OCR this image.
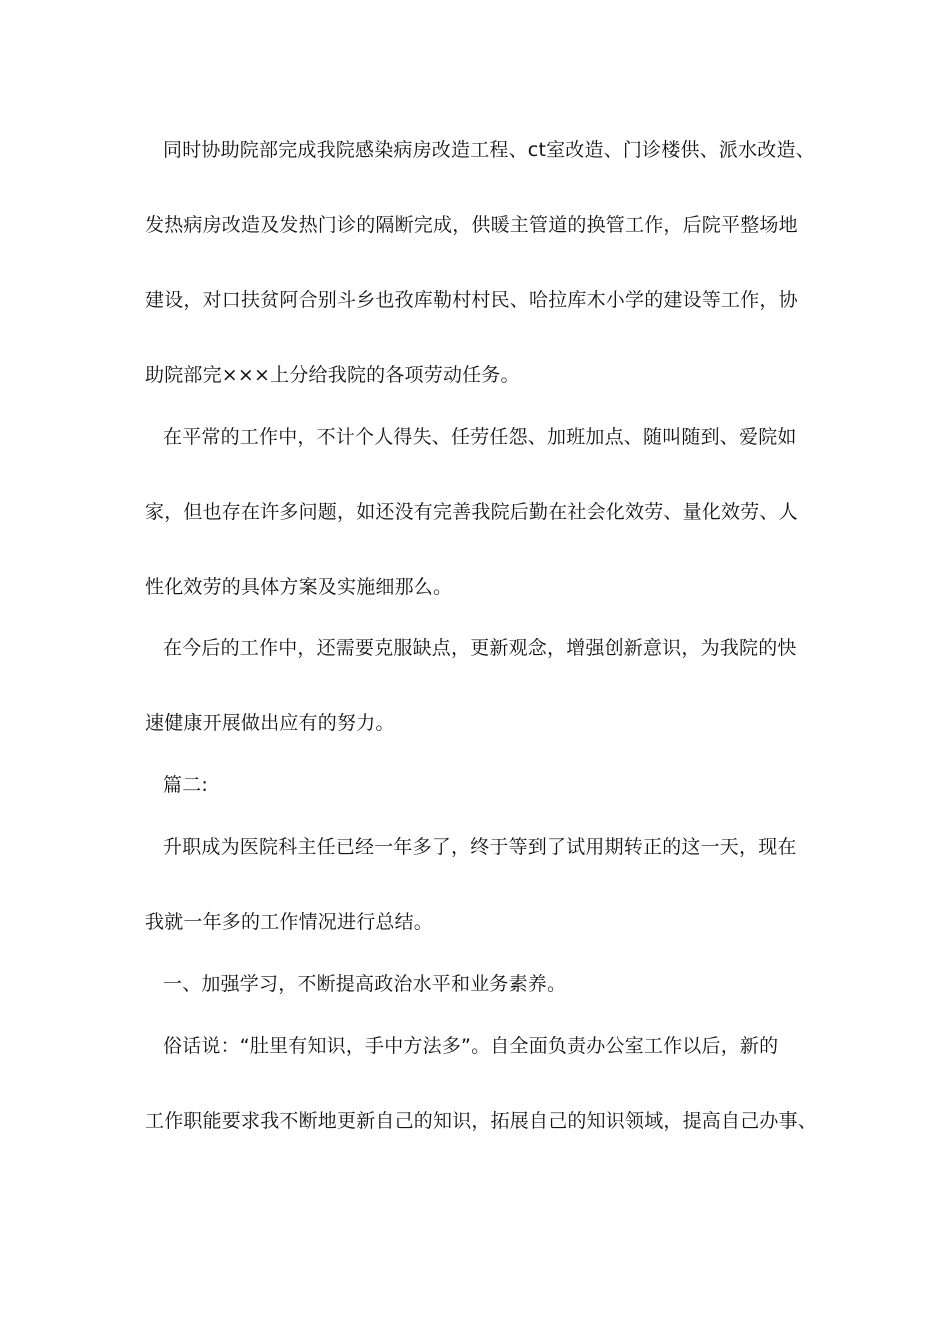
同时协助院部完成我院感染病房改造工程、ct室改造、门诊楼供、派水改造、
发热病房改造及发热门诊的隔断完成，供暖主管道的换管工作，后院平整场地
建设，对口扶贫阿合别斗乡也孜库勒村村民、哈拉库木小学的建设等工作，协
助院部完×××上分给我院的各项劳动任务。
在平常的工作中，不计个人得失、任劳任怨、加班加点、随叫随到、爱院如
家，但也存在许多问题，如还没有完善我院后勤在社会化效劳、量化效劳、人
性化效劳的具体方案及实施细那么。
在今后的工作中，还需要克服缺点，更新观念，增强创新意识，为我院的快
速健康开展做出应有的努力。
篇二:
升职成为医院科主任已经一年多了，终于等到了试用期转正的这一天，现在
我就一年多的工作情况进行总结。
一、加强学习，不断提高政治水平和业务素养。
俗话说：“肚里有知识，手中方法多”。自全面负责办公室工作以后，新的
工作职能要求我不断地更新自己的知识，拓展自己的知识领域，提高自己办事、
